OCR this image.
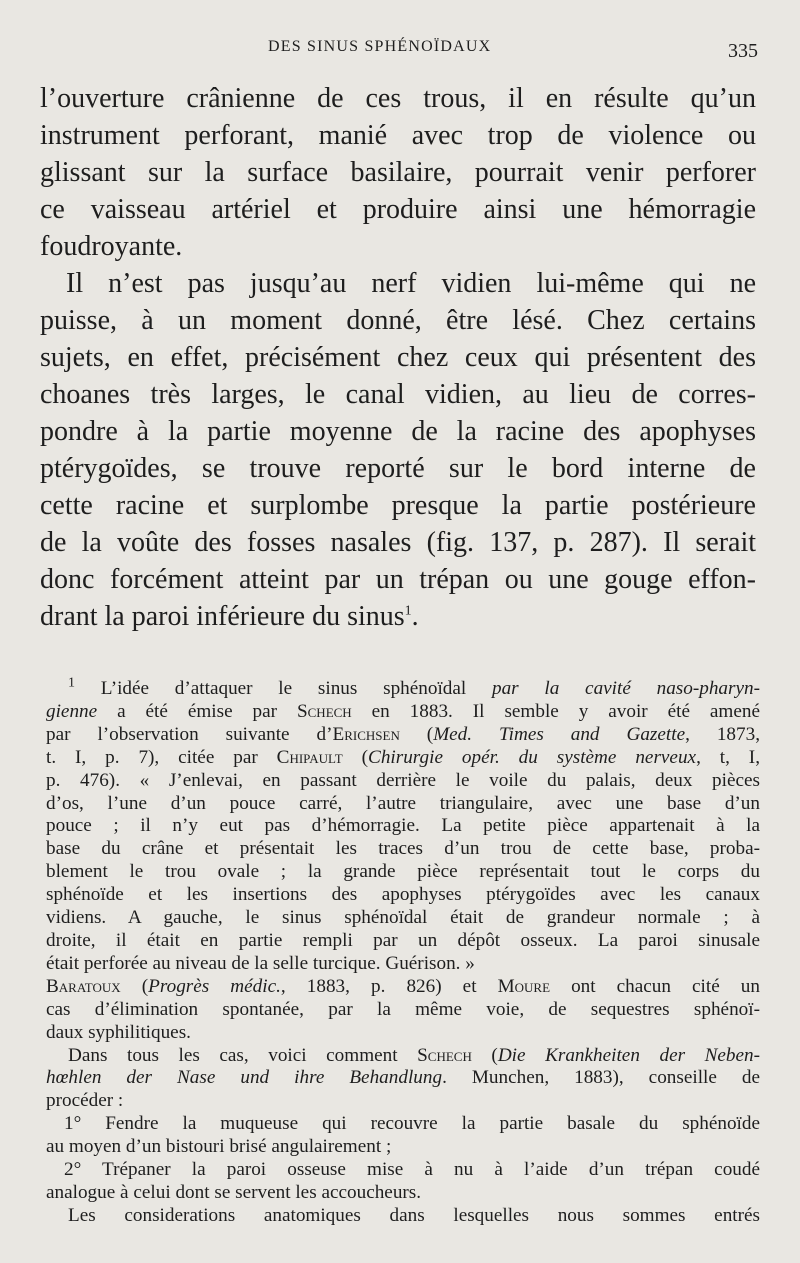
DES SINUS SPHÉNOÏDAUX	335

l’ouverture crânienne de ces trous, il en résulte qu’un
instrument perforant, manié avec trop de violence ou
glissant sur la surface basilaire, pourrait venir perforer
ce vaisseau artériel et produire ainsi une hémorragie
foudroyante.

Il n’est pas jusqu’au nerf vidien lui-même qui ne
puisse, à un moment donné, être lésé. Chez certains
sujets, en effet, précisément chez ceux qui présentent des
choanes très larges, le canal vidien, au lieu de corres-
pondre à la partie moyenne de la racine des apophyses
ptérygoïdes, se trouve reporté sur le bord interne de
cette racine et surplombe presque la partie postérieure
de la voûte des fosses nasales (fig. 137, p. 287). Il serait
donc forcément atteint par un trépan ou une gouge effon-
drant la paroi inférieure du sinus$^1$.

$^1$ L’idée d’attaquer le sinus sphénoïdal par la cavité naso-pharyn-
gienne a été émise par Schech en 1883. Il semble y avoir été amené
par l’observation suivante d’Erichsen (Med. Times and Gazette, 1873,
t. I, p. 7), citée par Chipault (Chirurgie opér. du système nerveux, t, I,
p. 476). « J’enlevai, en passant derrière le voile du palais, deux pièces
d’os, l’une d’un pouce carré, l’autre triangulaire, avec une base d’un
pouce ; il n’y eut pas d’hémorragie. La petite pièce appartenait à la
base du crâne et présentait les traces d’un trou de cette base, proba-
blement le trou ovale ; la grande pièce représentait tout le corps du
sphénoïde et les insertions des apophyses ptérygoïdes avec les canaux
vidiens. A gauche, le sinus sphénoïdal était de grandeur normale ; à
droite, il était en partie rempli par un dépôt osseux. La paroi sinusale
était perforée au niveau de la selle turcique. Guérison. »
Baratoux (Progrès médic., 1883, p. 826) et Moure ont chacun cité un
cas d’élimination spontanée, par la même voie, de sequestres sphénoï-
daux syphilitiques.
Dans tous les cas, voici comment Schech (Die Krankheiten der Neben-
hœhlen der Nase und ihre Behandlung. Munchen, 1883), conseille de
procéder :
1° Fendre la muqueuse qui recouvre la partie basale du sphénoïde
au moyen d’un bistouri brisé angulairement ;
2° Trépaner la paroi osseuse mise à nu à l’aide d’un trépan coudé
analogue à celui dont se servent les accoucheurs.
Les considerations anatomiques dans lesquelles nous sommes entrés
